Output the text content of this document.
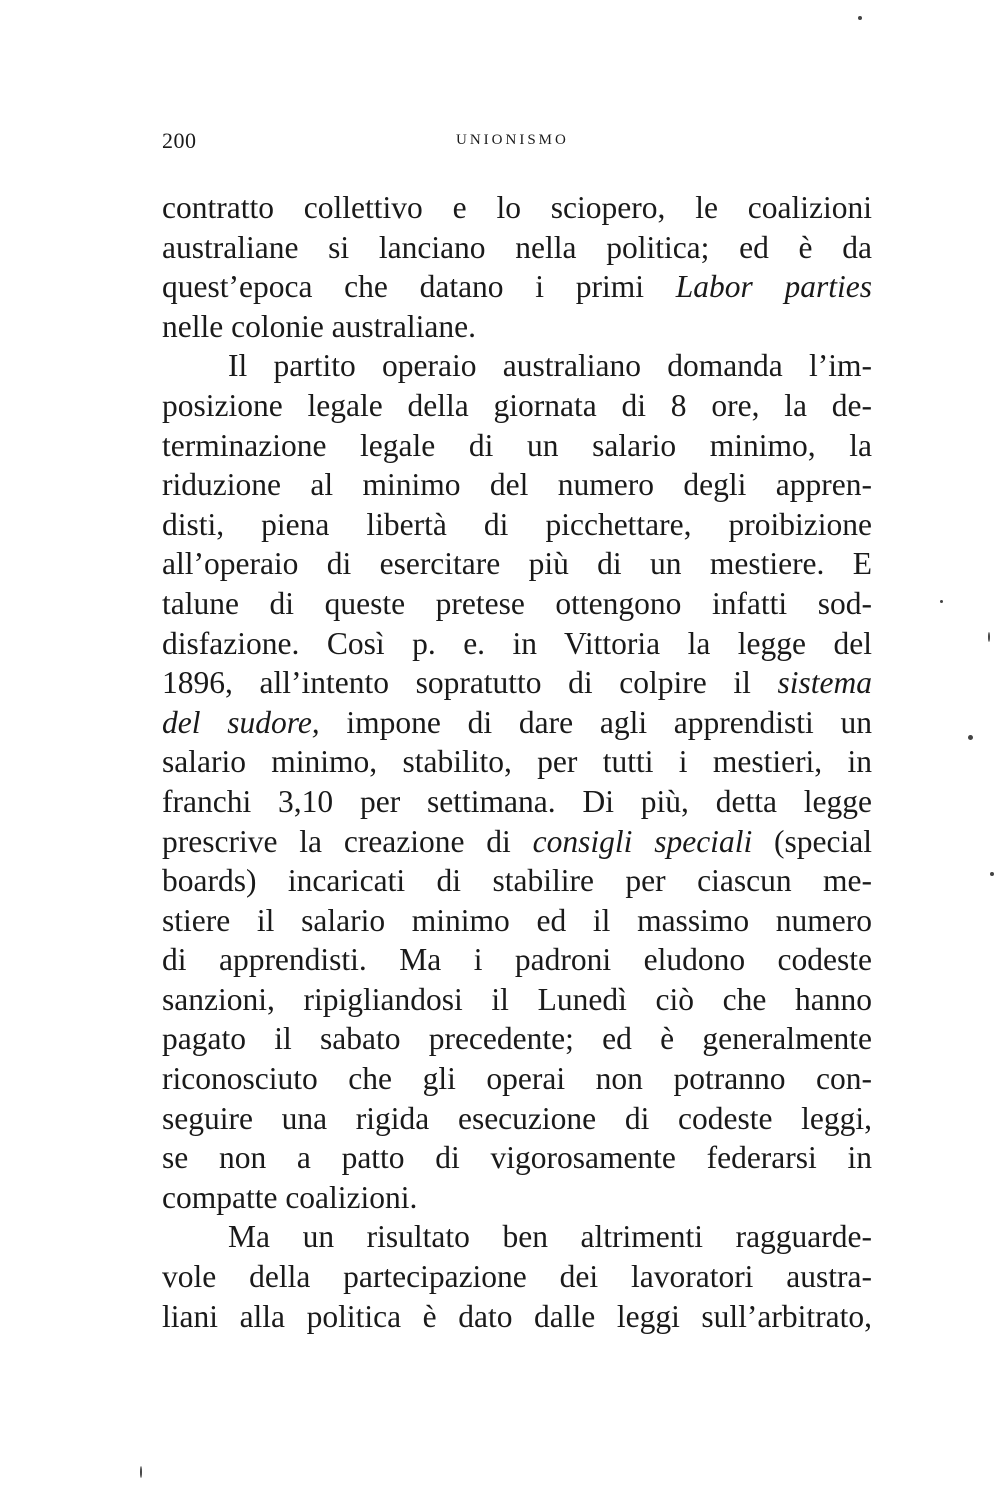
200	UNIONISMO
contratto collettivo e lo sciopero, le coalizioni
australiane si lanciano nella politica; ed è da
quest’epoca che datano i primi Labor parties
nelle colonie australiane.
Il partito operaio australiano domanda l’im-
posizione legale della giornata di 8 ore, la de-
terminazione legale di un salario minimo, la
riduzione al minimo del numero degli appren-
disti, piena libertà di picchettare, proibizione
all’operaio di esercitare più di un mestiere. E
talune di queste pretese ottengono infatti sod-
disfazione. Così p. e. in Vittoria la legge del
1896, all’intento sopratutto di colpire il sistema
del sudore, impone di dare agli apprendisti un
salario minimo, stabilito, per tutti i mestieri, in
franchi 3,10 per settimana. Di più, detta legge
prescrive la creazione di consigli speciali (special
boards) incaricati di stabilire per ciascun me-
stiere il salario minimo ed il massimo numero
di apprendisti. Ma i padroni eludono codeste
sanzioni, ripigliandosi il Lunedì ciò che hanno
pagato il sabato precedente; ed è generalmente
riconosciuto che gli operai non potranno con-
seguire una rigida esecuzione di codeste leggi,
se non a patto di vigorosamente federarsi in
compatte coalizioni.
Ma un risultato ben altrimenti ragguarde-
vole della partecipazione dei lavoratori austra-
liani alla politica è dato dalle leggi sull’arbitrato,
